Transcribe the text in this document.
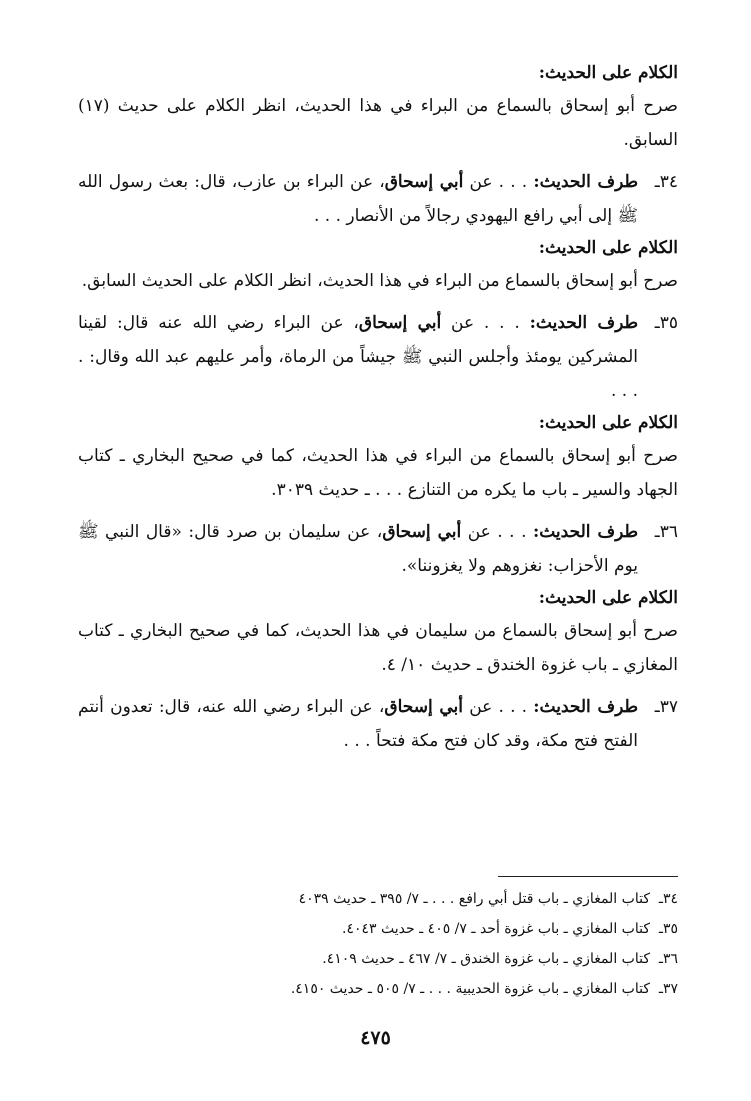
الكلام على الحديث:

صرح أبو إسحاق بالسماع من البراء في هذا الحديث، انظر الكلام على حديث (١٧) السابق.

٣٤ـ
طرف الحديث: . . . عن أبي إسحاق، عن البراء بن عازب، قال: بعث رسول الله ﷺ إلى أبي رافع اليهودي رجالاً من الأنصار . . .

الكلام على الحديث:

صرح أبو إسحاق بالسماع من البراء في هذا الحديث، انظر الكلام على الحديث السابق.

٣٥ـ
طرف الحديث: . . . عن أبي إسحاق، عن البراء رضي الله عنه قال: لقينا المشركين يومئذ وأجلس النبي ﷺ جيشاً من الرماة، وأمر عليهم عبد الله وقال: . . . .

الكلام على الحديث:

صرح أبو إسحاق بالسماع من البراء في هذا الحديث، كما في صحيح البخاري ـ كتاب الجهاد والسير ـ باب ما يكره من التنازع . . . ـ حديث ٣٠٣٩.

٣٦ـ
طرف الحديث: . . . عن أبي إسحاق، عن سليمان بن صرد قال: «قال النبي ﷺ يوم الأحزاب: نغزوهم ولا يغزوننا».

الكلام على الحديث:

صرح أبو إسحاق بالسماع من سليمان في هذا الحديث، كما في صحيح البخاري ـ كتاب المغازي ـ باب غزوة الخندق ـ حديث ١٠/ ٤.

٣٧ـ
طرف الحديث: . . . عن أبي إسحاق، عن البراء رضي الله عنه، قال: تعدون أنتم الفتح فتح مكة، وقد كان فتح مكة فتحاً . . .

٣٤ـكتاب المغازي ـ باب قتل أبي رافع . . . ـ ٧/ ٣٩٥ ـ حديث ٤٠٣٩

٣٥ـكتاب المغازي ـ باب غزوة أحد ـ ٧/ ٤٠٥ ـ حديث ٤٠٤٣.

٣٦ـكتاب المغازي ـ باب غزوة الخندق ـ ٧/ ٤٦٧ ـ حديث ٤١٠٩.

٣٧ـكتاب المغازي ـ باب غزوة الحديبية . . . ـ ٧/ ٥٠٥ ـ حديث ٤١٥٠.

٤٧٥
